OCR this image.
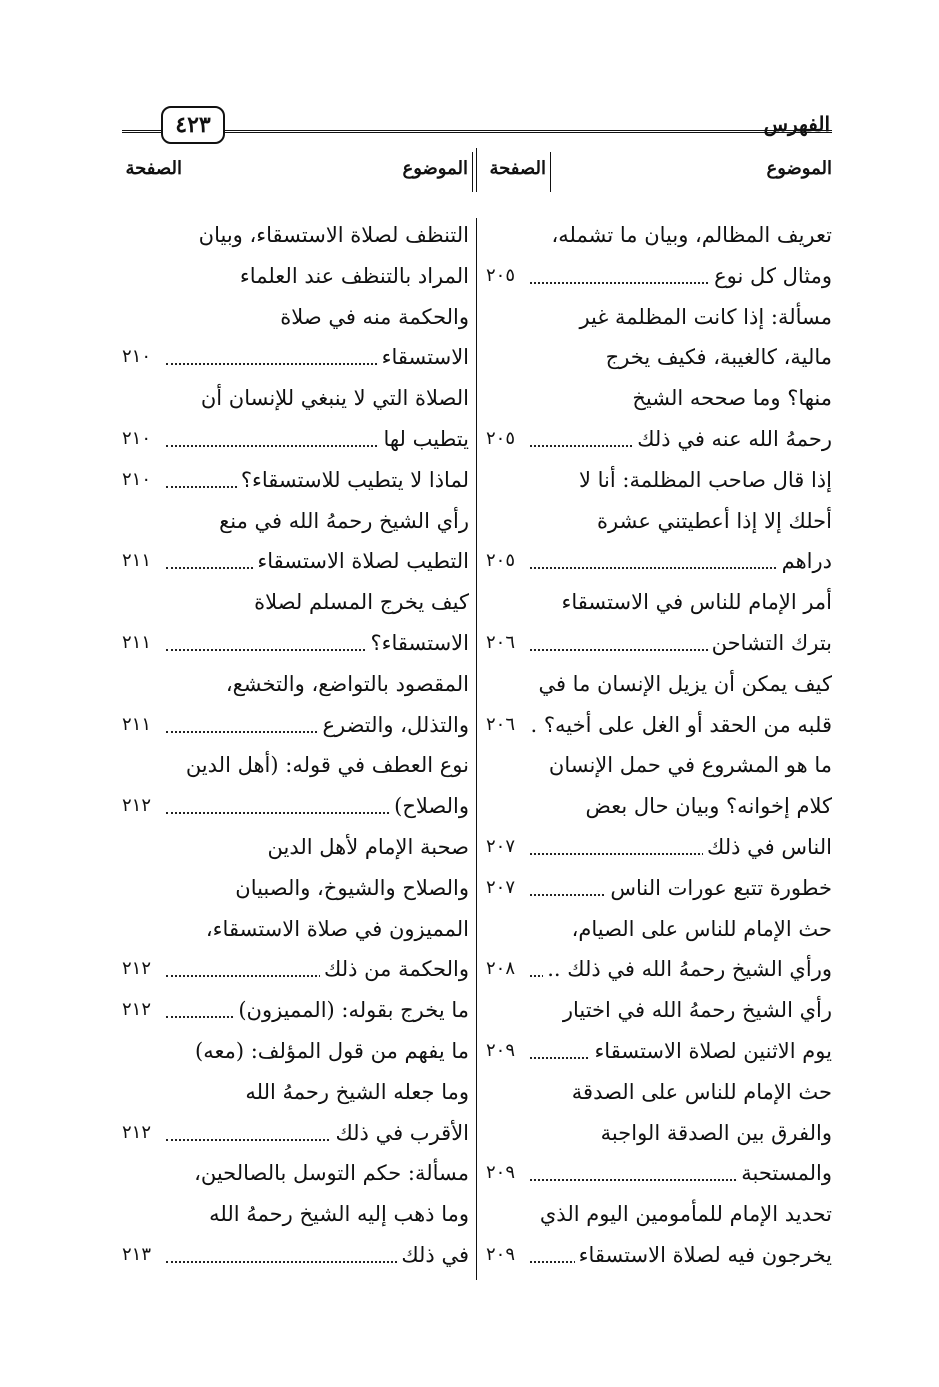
الفهرس
٤٢٣
الموضوع
الصفحة
الموضوع
الصفحة
تعريف المظالم، وبيان ما تشمله،
ومثال كل نوع
٢٠٥
مسألة: إذا كانت المظلمة غير
مالية، كالغيبة، فكيف يخرج
منها؟ وما صححه الشيخ
رحمهُ الله عنه في ذلك
٢٠٥
إذا قال صاحب المظلمة: أنا لا
أحلك إلا إذا أعطيتني عشرة
دراهم
٢٠٥
أمر الإمام للناس في الاستسقاء
بترك التشاحن
٢٠٦
كيف يمكن أن يزيل الإنسان ما في
قلبه من الحقد أو الغل على أخيه؟ .
٢٠٦
ما هو المشروع في حمل الإنسان
كلام إخوانه؟ وبيان حال بعض
الناس في ذلك
٢٠٧
خطورة تتبع عورات الناس
٢٠٧
حث الإمام للناس على الصيام،
ورأي الشيخ رحمهُ الله في ذلك ..
٢٠٨
رأي الشيخ رحمهُ الله في اختيار
يوم الاثنين لصلاة الاستسقاء
٢٠٩
حث الإمام للناس على الصدقة
والفرق بين الصدقة الواجبة
والمستحبة
٢٠٩
تحديد الإمام للمأمومين اليوم الذي
يخرجون فيه لصلاة الاستسقاء
٢٠٩
التنظف لصلاة الاستسقاء، وبيان
المراد بالتنظف عند العلماء
والحكمة منه في صلاة
الاستسقاء
٢١٠
الصلاة التي لا ينبغي للإنسان أن
يتطيب لها
٢١٠
لماذا لا يتطيب للاستسقاء؟
٢١٠
رأي الشيخ رحمهُ الله في منع
التطيب لصلاة الاستسقاء
٢١١
كيف يخرج المسلم لصلاة
الاستسقاء؟
٢١١
المقصود بالتواضع، والتخشع،
والتذلل، والتضرع
٢١١
نوع العطف في قوله: (أهل الدين
والصلاح)
٢١٢
صحبة الإمام لأهل الدين
والصلاح والشيوخ، والصبيان
المميزون في صلاة الاستسقاء،
والحكمة من ذلك
٢١٢
ما يخرج بقوله: (المميزون)
٢١٢
ما يفهم من قول المؤلف: (معه)
وما جعله الشيخ رحمهُ الله
الأقرب في ذلك
٢١٢
مسألة: حكم التوسل بالصالحين،
وما ذهب إليه الشيخ رحمهُ الله
في ذلك
٢١٣
